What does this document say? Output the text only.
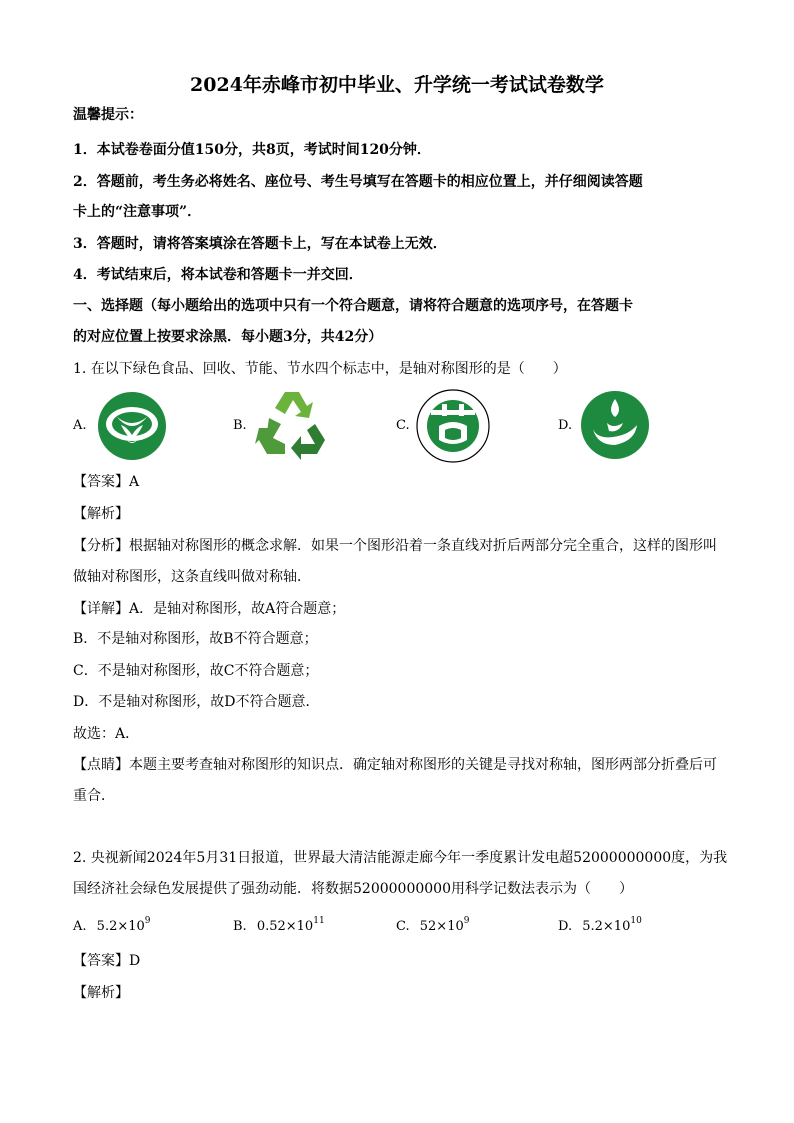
2024年赤峰市初中毕业、升学统一考试试卷数学
温馨提示：
1．本试卷卷面分值150分，共8页，考试时间120分钟．
2．答题前，考生务必将姓名、座位号、考生号填写在答题卡的相应位置上，并仔细阅读答题
卡上的“注意事项”．
3．答题时，请将答案填涂在答题卡上，写在本试卷上无效．
4．考试结束后，将本试卷和答题卡一并交回．
一、选择题（每小题给出的选项中只有一个符合题意，请将符合题意的选项序号，在答题卡
的对应位置上按要求涂黑．每小题3分，共42分）
1. 在以下绿色食品、回收、节能、节水四个标志中，是轴对称图形的是（　　）
A.	B.	C.	D.
【答案】A
【解析】
【分析】根据轴对称图形的概念求解．如果一个图形沿着一条直线对折后两部分完全重合，这样的图形叫
做轴对称图形，这条直线叫做对称轴．
【详解】A．是轴对称图形，故A符合题意；
B．不是轴对称图形，故B不符合题意；
C．不是轴对称图形，故C不符合题意；
D．不是轴对称图形，故D不符合题意．
故选：A．
【点睛】本题主要考查轴对称图形的知识点．确定轴对称图形的关键是寻找对称轴，图形两部分折叠后可
重合．
2. 央视新闻2024年5月31日报道，世界最大清洁能源走廊今年一季度累计发电超52000000000度，为我
国经济社会绿色发展提供了强劲动能．将数据52000000000用科学记数法表示为（　　）
A. $5.2\times 10^9$	B. $0.52\times 10^{11}$	C. $52\times 10^9$	D. $5.2\times 10^{10}$
【答案】D
【解析】
